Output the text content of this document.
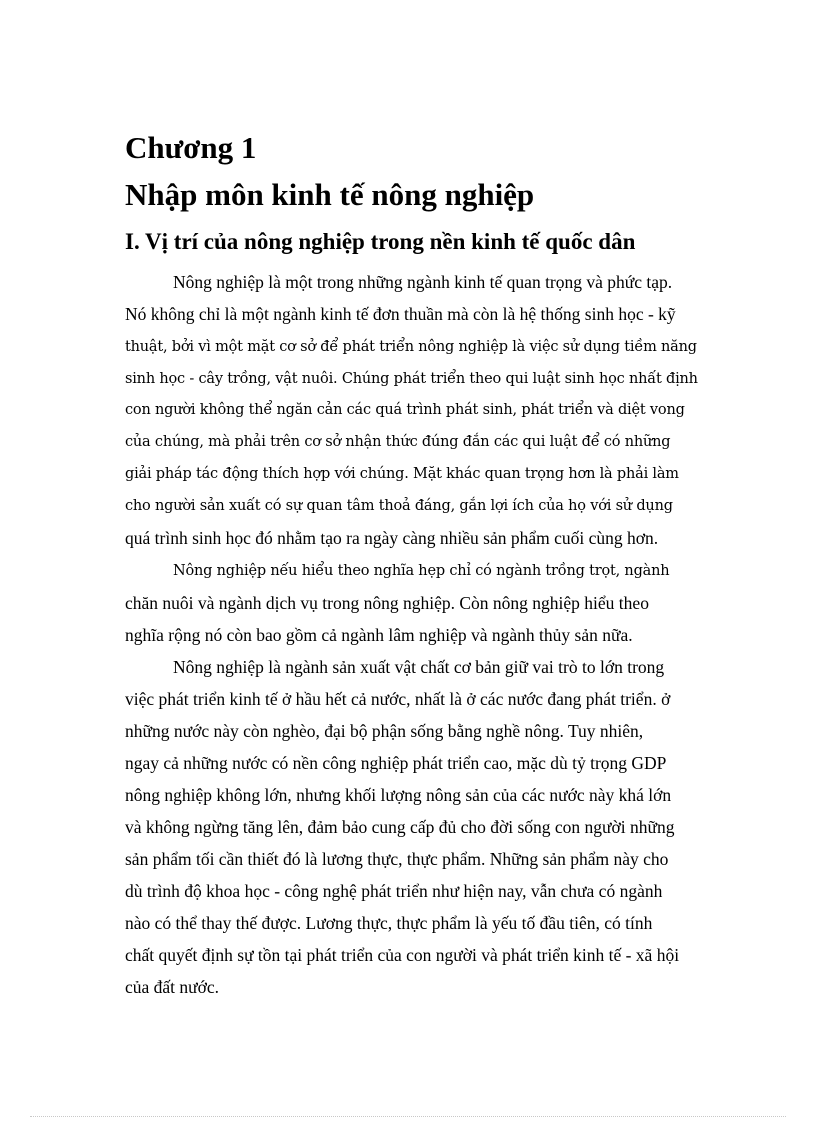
Chương 1
Nhập môn kinh tế nông nghiệp
I. Vị trí của nông nghiệp trong nền kinh tế quốc dân

Nông nghiệp là một trong những ngành kinh tế quan trọng và phức tạp.

Nó không chỉ là một ngành kinh tế đơn thuần mà còn là hệ thống sinh học - kỹ

thuật, bởi vì một mặt cơ sở để phát triển nông nghiệp là việc sử dụng tiềm năng

sinh học - cây trồng, vật nuôi. Chúng phát triển theo qui luật sinh học nhất định

con người không thể ngăn cản các quá trình phát sinh, phát triển và diệt vong

của chúng, mà phải trên cơ sở nhận thức đúng đắn các qui luật để có những

giải pháp tác động thích hợp với chúng. Mặt khác quan trọng hơn là phải làm

cho người sản xuất có sự quan tâm thoả đáng, gắn lợi ích của họ với sử dụng

quá trình sinh học đó nhằm tạo ra ngày càng nhiều sản phẩm cuối cùng hơn.

Nông nghiệp nếu hiểu theo nghĩa hẹp chỉ có ngành trồng trọt, ngành

chăn nuôi và ngành dịch vụ trong nông nghiệp. Còn nông nghiệp hiểu theo

nghĩa rộng nó còn bao gồm cả ngành lâm nghiệp và ngành thủy sản nữa.

Nông nghiệp là ngành sản xuất vật chất cơ bản giữ vai trò to lớn trong

việc phát triển kinh tế ở hầu hết cả nước, nhất là ở các nước đang phát triển. ở

những nước này còn nghèo, đại bộ phận sống bằng nghề nông. Tuy nhiên,

ngay cả những nước có nền công nghiệp phát triển cao, mặc dù tỷ trọng GDP

nông nghiệp không lớn, nhưng khối lượng nông sản của các nước này khá lớn

và không ngừng tăng lên, đảm bảo cung cấp đủ cho đời sống con người những

sản phẩm tối cần thiết đó là lương thực, thực phẩm. Những sản phẩm này cho

dù trình độ khoa học - công nghệ phát triển như hiện nay, vẫn chưa có ngành

nào có thể thay thế được. Lương thực, thực phẩm là yếu tố đầu tiên, có tính

chất quyết định sự tồn tại phát triển của con người và phát triển kinh tế - xã hội

của đất nước.
